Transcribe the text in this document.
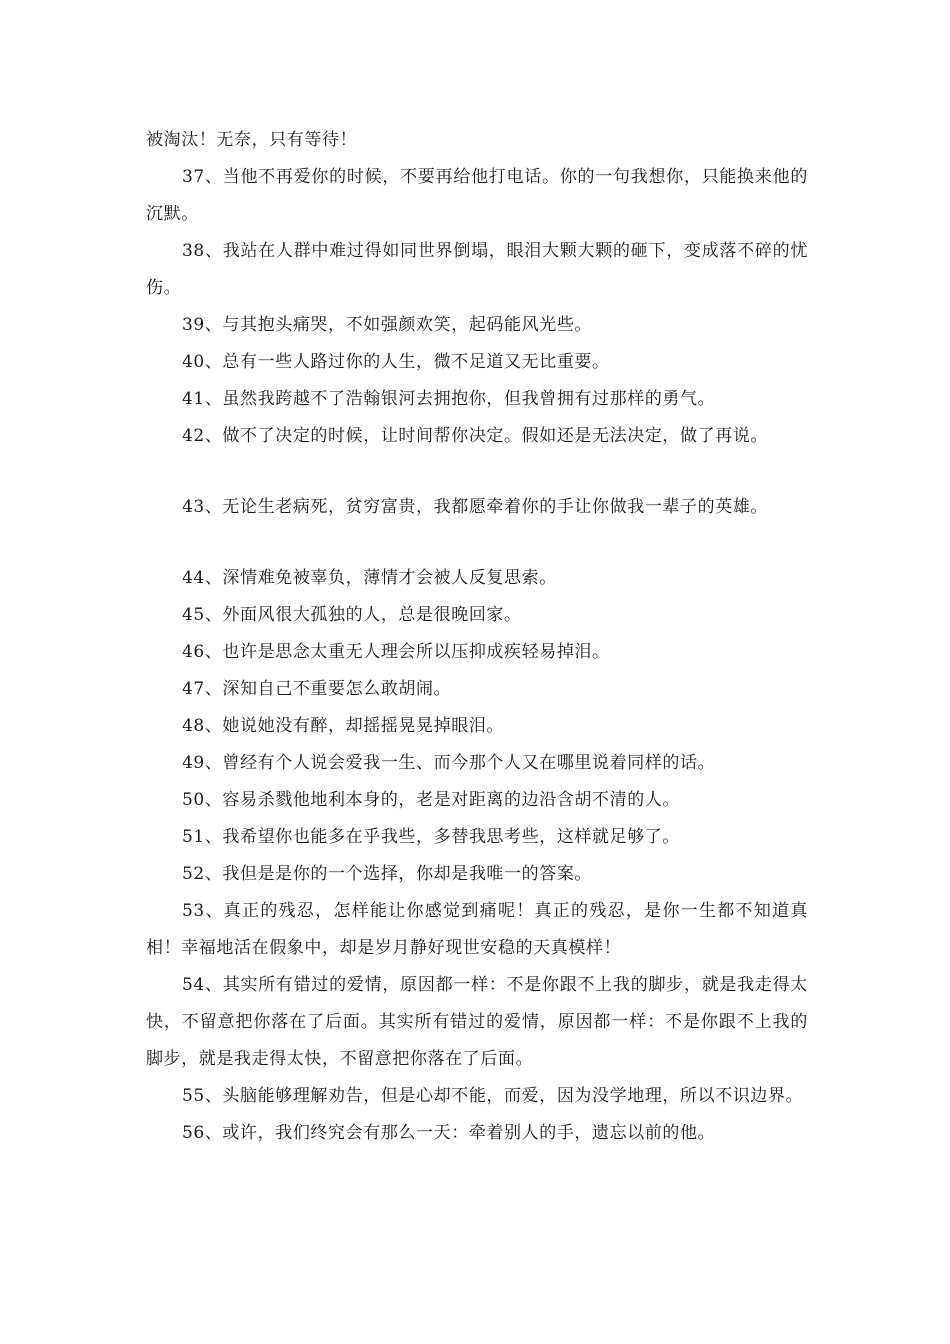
被淘汰！无奈，只有等待！

37、当他不再爱你的时候，不要再给他打电话。你的一句我想你，只能换来他的沉默。

38、我站在人群中难过得如同世界倒塌，眼泪大颗大颗的砸下，变成落不碎的忧伤。

39、与其抱头痛哭，不如强颜欢笑，起码能风光些。

40、总有一些人路过你的人生，微不足道又无比重要。

41、虽然我跨越不了浩翰银河去拥抱你，但我曾拥有过那样的勇气。

42、做不了决定的时候，让时间帮你决定。假如还是无法决定，做了再说。

43、无论生老病死，贫穷富贵，我都愿牵着你的手让你做我一辈子的英雄。

44、深情难免被辜负，薄情才会被人反复思索。

45、外面风很大孤独的人，总是很晚回家。

46、也许是思念太重无人理会所以压抑成疾轻易掉泪。

47、深知自己不重要怎么敢胡闹。

48、她说她没有醉，却摇摇晃晃掉眼泪。

49、曾经有个人说会爱我一生、而今那个人又在哪里说着同样的话。

50、容易杀戮他地利本身的，老是对距离的边沿含胡不清的人。

51、我希望你也能多在乎我些，多替我思考些，这样就足够了。

52、我但是是你的一个选择，你却是我唯一的答案。

53、真正的残忍，怎样能让你感觉到痛呢！真正的残忍，是你一生都不知道真相！幸福地活在假象中，却是岁月静好现世安稳的天真模样！

54、其实所有错过的爱情，原因都一样：不是你跟不上我的脚步，就是我走得太快，不留意把你落在了后面。其实所有错过的爱情，原因都一样：不是你跟不上我的脚步，就是我走得太快，不留意把你落在了后面。

55、头脑能够理解劝告，但是心却不能，而爱，因为没学地理，所以不识边界。

56、或许，我们终究会有那么一天：牵着别人的手，遗忘以前的他。
